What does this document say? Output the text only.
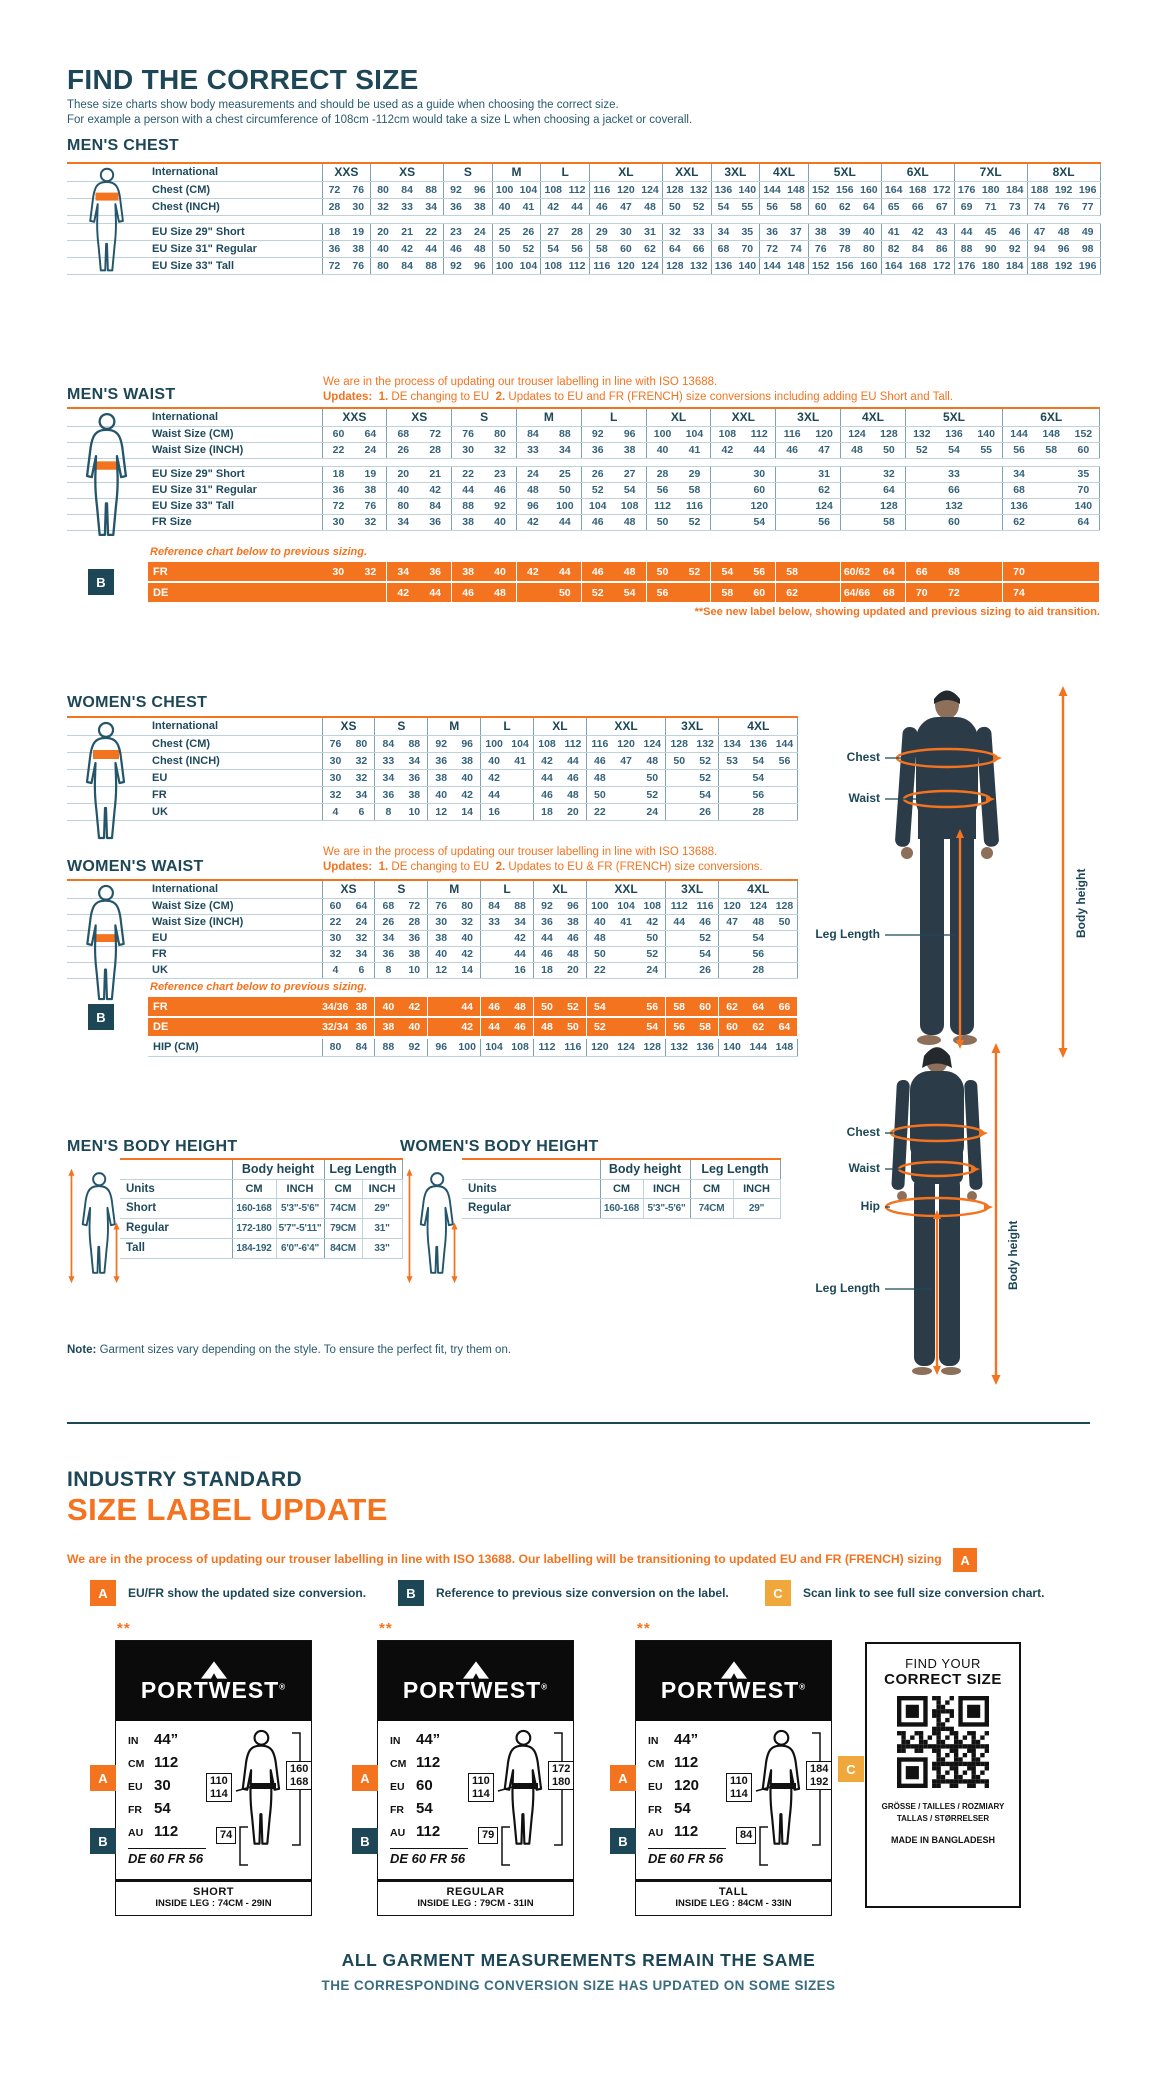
FIND THE CORRECT SIZE
These size charts show body measurements and should be used as a guide when choosing the correct size.
For example a person with a chest circumference of 108cm -112cm would take a size L when choosing a jacket or coverall.
MEN'S CHEST
	International	XXS		XS			S		M		L		XL			XXL		3XL		4XL		5XL			6XL			7XL			8XL		
	Chest (CM)	72	76	80	84	88	92	96	100	104	108	112	116	120	124	128	132	136	140	144	148	152	156	160	164	168	172	176	180	184	188	192	196
	Chest (INCH)	28	30	32	33	34	36	38	40	41	42	44	46	47	48	50	52	54	55	56	58	60	62	64	65	66	67	69	71	73	74	76	77

	EU Size 29" Short	18	19	20	21	22	23	24	25	26	27	28	29	30	31	32	33	34	35	36	37	38	39	40	41	42	43	44	45	46	47	48	49
	EU Size 31" Regular	36	38	40	42	44	46	48	50	52	54	56	58	60	62	64	66	68	70	72	74	76	78	80	82	84	86	88	90	92	94	96	98
	EU Size 33" Tall	72	76	80	84	88	92	96	100	104	108	112	116	120	124	128	132	136	140	144	148	152	156	160	164	168	172	176	180	184	188	192	196
We are in the process of updating our trouser labelling in line with ISO 13688.
Updates: 1. DE changing to EU 2. Updates to EU and FR (FRENCH) size conversions including adding EU Short and Tall.
MEN'S WAIST
	International	XXS		XS		S		M		L		XL		XXL		3XL		4XL		5XL			6XL		
	Waist Size (CM)	60	64	68	72	76	80	84	88	92	96	100	104	108	112	116	120	124	128	132	136	140	144	148	152
	Waist Size (INCH)	22	24	26	28	30	32	33	34	36	38	40	41	42	44	46	47	48	50	52	54	55	56	58	60

	EU Size 29" Short	18	19	20	21	22	23	24	25	26	27	28	29		30		31		32		33		34		35
	EU Size 31" Regular	36	38	40	42	44	46	48	50	52	54	56	58		60		62		64		66		68		70
	EU Size 33" Tall	72	76	80	84	88	92	96	100	104	108	112	116		120		124		128		132		136		140
	FR Size	30	32	34	36	38	40	42	44	46	48	50	52		54		56		58		60		62		64
Reference chart below to previous sizing.
B
FR	30	32	34	36	38	40	42	44	46	48	50	52	54	56	58		60/62	64	66	68		70		
DE			42	44	46	48		50	52	54	56		58	60	62		64/66	68	70	72		74		
**See new label below, showing updated and previous sizing to aid transition.
WOMEN'S CHEST
	International	XS		S		M		L		XL		XXL			3XL		4XL		
	Chest (CM)	76	80	84	88	92	96	100	104	108	112	116	120	124	128	132	134	136	144
	Chest (INCH)	30	32	33	34	36	38	40	41	42	44	46	47	48	50	52	53	54	56
	EU	30	32	34	36	38	40	42		44	46	48		50		52		54	
	FR	32	34	36	38	40	42	44		46	48	50		52		54		56	
	UK	4	6	8	10	12	14	16		18	20	22		24		26		28	
We are in the process of updating our trouser labelling in line with ISO 13688.
Updates: 1. DE changing to EU 2. Updates to EU & FR (FRENCH) size conversions.
WOMEN'S WAIST
	International	XS		S		M		L		XL		XXL			3XL		4XL		
	Waist Size (CM)	60	64	68	72	76	80	84	88	92	96	100	104	108	112	116	120	124	128
	Waist Size (INCH)	22	24	26	28	30	32	33	34	36	38	40	41	42	44	46	47	48	50
	EU	30	32	34	36	38	40		42	44	46	48		50		52		54	
	FR	32	34	36	38	40	42		44	46	48	50		52		54		56	
	UK	4	6	8	10	12	14		16	18	20	22		24		26		28	
Reference chart below to previous sizing.
B
FR	34/36	38	40	42		44	46	48	50	52	54		56	58	60	62	64	66
DE	32/34	36	38	40		42	44	46	48	50	52		54	56	58	60	62	64
HIP (CM)	80	84	88	92	96	100	104	108	112	116	120	124	128	132	136	140	144	148
Chest
Waist
Leg Length	Body height
Chest
Waist
Hip
Leg Length	Body height
MEN'S BODY HEIGHT
	Body height		Leg Length	
Units	CM	INCH	CM	INCH
Short	160-168	5'3"-5'6"	74CM	29"
Regular	172-180	5'7"-5'11"	79CM	31"
Tall	184-192	6'0"-6'4"	84CM	33"
WOMEN'S BODY HEIGHT
	Body height		Leg Length	
Units	CM	INCH	CM	INCH
Regular	160-168	5'3"-5'6"	74CM	29"
Note: Garment sizes vary depending on the style. To ensure the perfect fit, try them on.
INDUSTRY STANDARD
SIZE LABEL UPDATE
We are in the process of updating our trouser labelling in line with ISO 13688. Our labelling will be transitioning to updated EU and FR (FRENCH) sizing A
A	EU/FR show the updated size conversion.	B	Reference to previous size conversion on the label.	C	Scan link to see full size conversion chart.
**
PORTWEST®
IN	44”
CM 112
EU 30
FR 54
AU 112
DE 60 FR 56
110
114
160
168
74
SHORT
INSIDE LEG : 74CM - 29IN
A
B
**
PORTWEST®
IN	44”
CM 112
EU 60
FR 54
AU 112
DE 60 FR 56
110
114
172
180
79
REGULAR
INSIDE LEG : 79CM - 31IN
A
B
**
PORTWEST®
IN	44”
CM 112
EU 120
FR 54
AU 112
DE 60 FR 56
110
114
184
192
84
TALL
INSIDE LEG : 84CM - 33IN
A
B
FIND YOUR
CORRECT SIZE
GRÖSSE / TAILLES / ROZMIARY
TALLAS / STØRRELSER
MADE IN BANGLADESH
C
ALL GARMENT MEASUREMENTS REMAIN THE SAME
THE CORRESPONDING CONVERSION SIZE HAS UPDATED ON SOME SIZES
